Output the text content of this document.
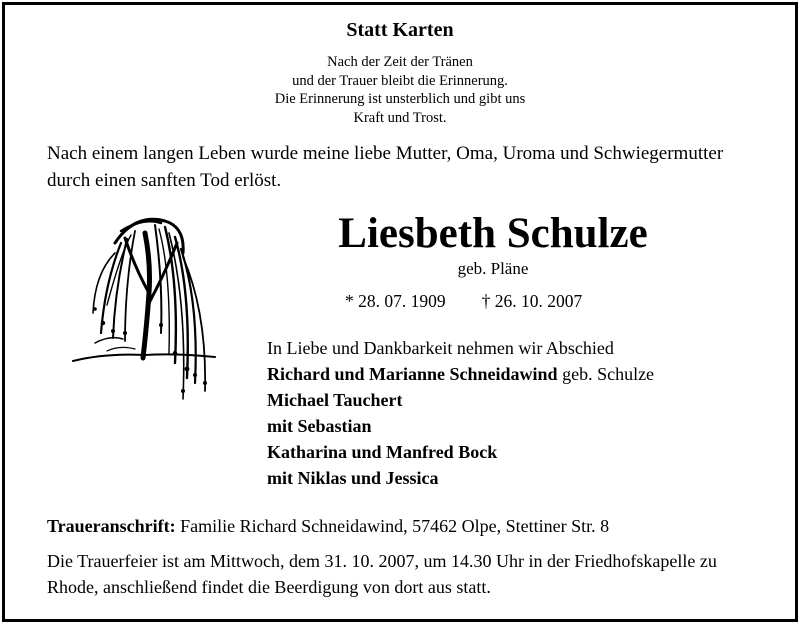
Statt Karten
Nach der Zeit der Tränen
und der Trauer bleibt die Erinnerung.
Die Erinnerung ist unsterblich und gibt uns
Kraft und Trost.
Nach einem langen Leben wurde meine liebe Mutter, Oma, Uroma und Schwiegermutter durch einen sanften Tod erlöst.
Liesbeth Schulze
geb. Pläne
* 28. 07. 1909 † 26. 10. 2007
In Liebe und Dankbarkeit nehmen wir Abschied
Richard und Marianne Schneidawind geb. Schulze
Michael Tauchert
mit Sebastian
Katharina und Manfred Bock
mit Niklas und Jessica
Traueranschrift: Familie Richard Schneidawind, 57462 Olpe, Stettiner Str. 8
Die Trauerfeier ist am Mittwoch, dem 31. 10. 2007, um 14.30 Uhr in der Friedhofskapelle zu Rhode, anschließend findet die Beerdigung von dort aus statt.
